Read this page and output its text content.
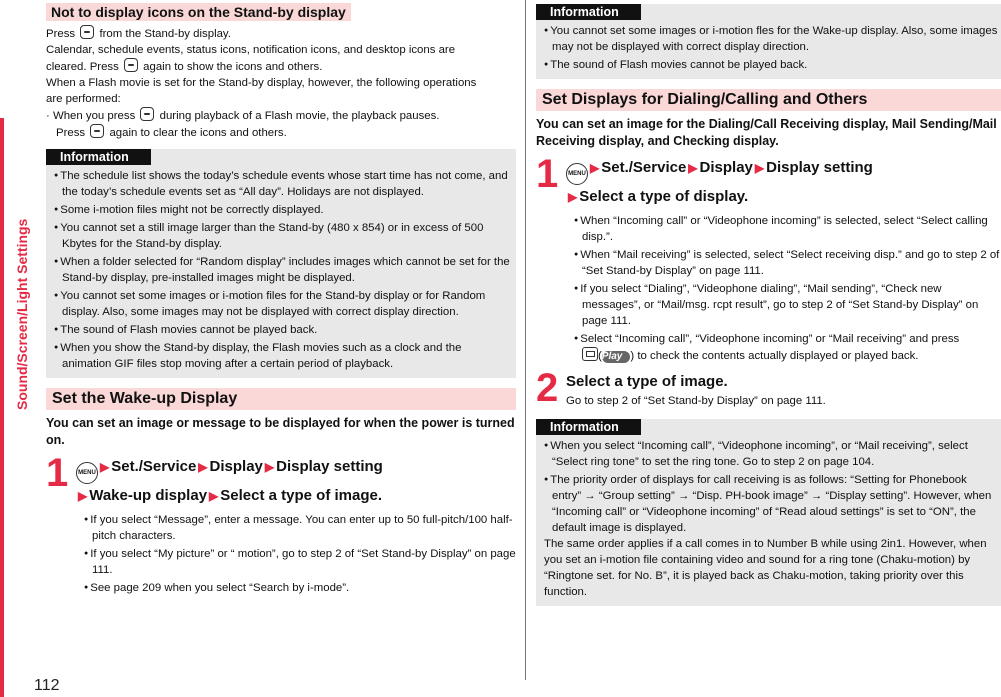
Sound/Screen/Light Settings
112
Not to display icons on the Stand-by display

Press from the Stand-by display.

Calendar, schedule events, status icons, notification icons, and desktop icons are

cleared. Press again to show the icons and others.

When a Flash movie is set for the Stand-by display, however, the following operations

are performed:

· When you press during playback of a Flash movie, the playback pauses.

Press again to clear the icons and others.

Information

● The schedule list shows the today’s schedule events whose start time has not come, and the today’s schedule events set as “All day”. Holidays are not displayed.

● Some i-motion files might not be correctly displayed.

● You cannot set a still image larger than the Stand-by (480 x 854) or in excess of 500 Kbytes for the Stand-by display.

● When a folder selected for “Random display” includes images which cannot be set for the Stand-by display, pre-installed images might be displayed.

● You cannot set some images or i-motion files for the Stand-by display or for Random display. Also, some images may not be displayed with correct display direction.

● The sound of Flash movies cannot be played back.

● When you show the Stand-by display, the Flash movies such as a clock and the animation GIF files stop moving after a certain period of playback.

Set the Wake-up Display

You can set an image or message to be displayed for when the power is turned on.

1	MENU ▶ Set./Service ▶ Display ▶ Display setting
▶ Wake-up display ▶ Select a type of image.

● If you select “Message”, enter a message. You can enter up to 50 full-pitch/100 half-pitch characters.

● If you select “My picture” or “ motion”, go to step 2 of “Set Stand-by Display” on page 111.

● See page 209 when you select “Search by i-mode”.

Information

● You cannot set some images or i-motion fles for the Wake-up display. Also, some images may not be displayed with correct display direction.

● The sound of Flash movies cannot be played back.

Set Displays for Dialing/Calling and Others

You can set an image for the Dialing/Call Receiving display, Mail Sending/Mail Receiving display, and Checking display.

1	MENU ▶ Set./Service ▶ Display ▶ Display setting
▶ Select a type of display.

● When “Incoming call” or “Videophone incoming” is selected, select “Select calling disp.”.

● When “Mail receiving” is selected, select “Select receiving disp.” and go to step 2 of “Set Stand-by Display” on page 111.

● If you select “Dialing”, “Videophone dialing”, “Mail sending”, “Check new messages”, or “Mail/msg. rcpt result”, go to step 2 of “Set Stand-by Display” on page 111.

● Select “Incoming call”, “Videophone incoming” or “Mail receiving” and press
(Play ) to check the contents actually displayed or played back.

2 Select a type of image.

Go to step 2 of “Set Stand-by Display” on page 111.

Information

● When you select “Incoming call”, “Videophone incoming”, or “Mail receiving”, select “Select ring tone” to set the ring tone. Go to step 2 on page 104.

● The priority order of displays for call receiving is as follows: “Setting for Phonebook entry” → “Group setting” → “Disp. PH-book image” → “Display setting”. However, when “Incoming call” or “Videophone incoming” of “Read aloud settings” is set to “ON”, the default image is displayed.

The same order applies if a call comes in to Number B while using 2in1. However, when you set an i-motion file containing video and sound for a ring tone (Chaku-motion) by “Ringtone set. for No. B”, it is played back as Chaku-motion, taking priority over this function.
